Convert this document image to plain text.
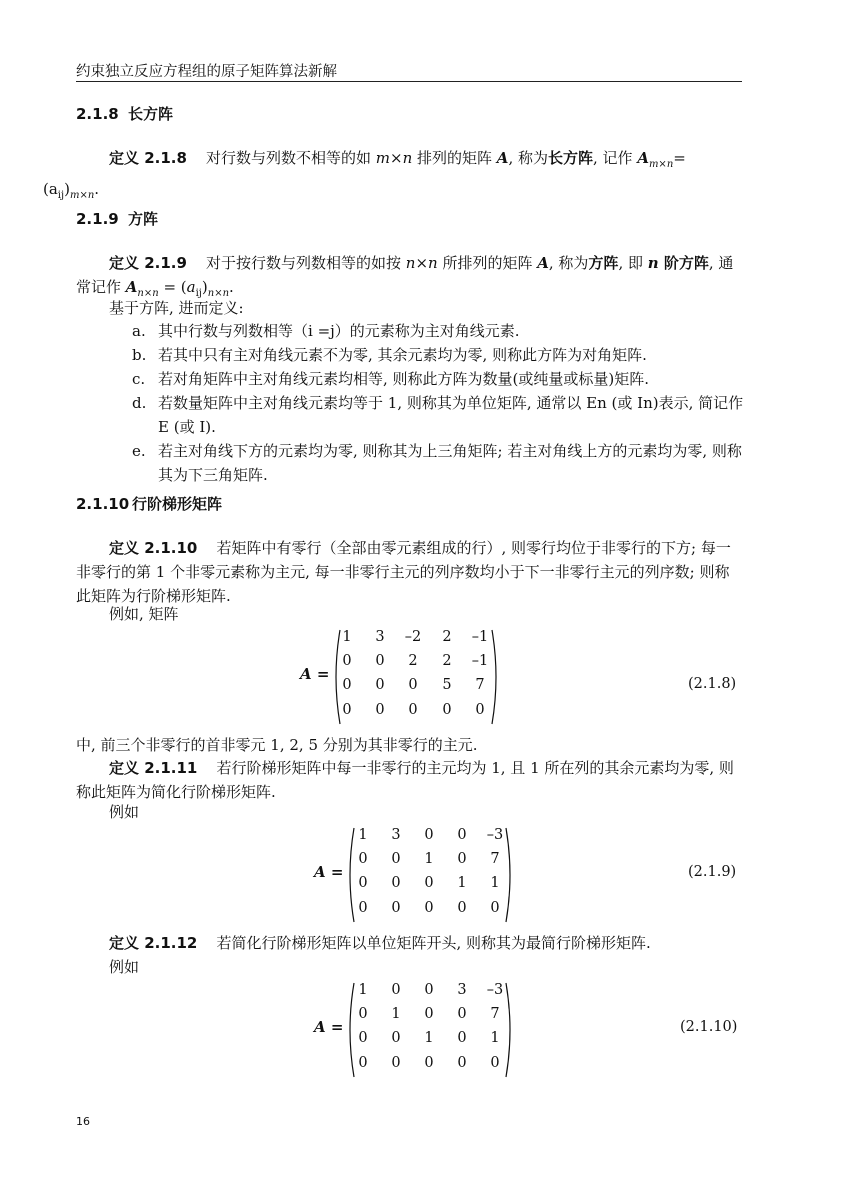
约束独立反应方程组的原子矩阵算法新解
2.1.8 长方阵
定义 2.1.8 对行数与列数不相等的如 m×n 排列的矩阵 A, 称为长方阵, 记作 $A_{m\times n}=$
$(a_{ij})_{m\times n}$.
2.1.9 方阵
定义 2.1.9 对于按行数与列数相等的如按 n×n 所排列的矩阵 A, 称为方阵, 即 n 阶方阵, 通常记作 $A_{n\times n} = (a_{ij})_{n\times n}$.
基于方阵, 进而定义:
a. 其中行数与列数相等（i =j）的元素称为主对角线元素.
b. 若其中只有主对角线元素不为零, 其余元素均为零, 则称此方阵为对角矩阵.
c. 若对角矩阵中主对角线元素均相等, 则称此方阵为数量(或纯量或标量)矩阵.
d. 若数量矩阵中主对角线元素均等于 1, 则称其为单位矩阵, 通常以 En (或 In)表示, 简记作 E (或 I).
e. 若主对角线下方的元素均为零, 则称其为上三角矩阵; 若主对角线上方的元素均为零, 则称其为下三角矩阵.
2.1.10 行阶梯形矩阵
定义 2.1.10 若矩阵中有零行（全部由零元素组成的行）, 则零行均位于非零行的下方; 每一非零行的第 1 个非零元素称为主元, 每一非零行主元的列序数均小于下一非零行主元的列序数; 则称此矩阵为行阶梯形矩阵.
例如, 矩阵
A =
1	3	–2	2	–1
0	0	2	2	–1
0	0	0	5	7
0	0	0	0	0
(2.1.8)
中, 前三个非零行的首非零元 1, 2, 5 分别为其非零行的主元.
定义 2.1.11 若行阶梯形矩阵中每一非零行的主元均为 1, 且 1 所在列的其余元素均为零, 则称此矩阵为简化行阶梯形矩阵.
例如
A =
1	3	0	0	–3
0	0	1	0	7
0	0	0	1	1
0	0	0	0	0
(2.1.9)
定义 2.1.12 若简化行阶梯形矩阵以单位矩阵开头, 则称其为最简行阶梯形矩阵.
例如
A =
1	0	0	3	–3
0	1	0	0	7
0	0	1	0	1
0	0	0	0	0
(2.1.10)
16
